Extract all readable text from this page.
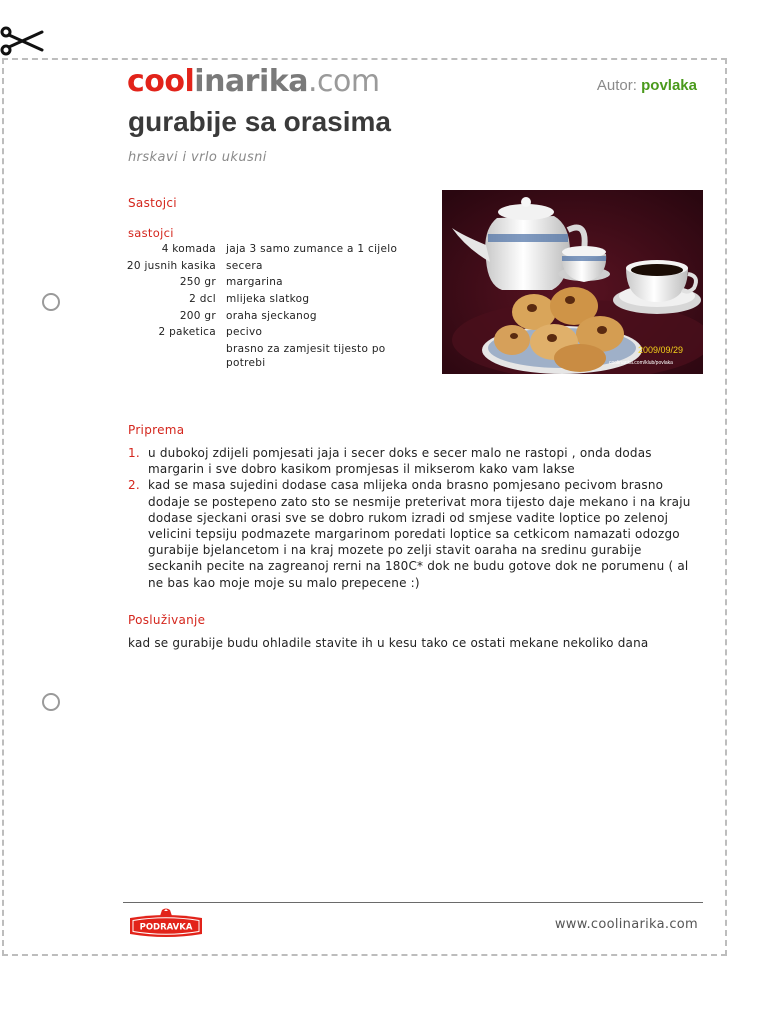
coolinarika.com	Autor: povlaka
gurabije sa orasima
hrskavi i vrlo ukusni
Sastojci
sastojci
4 komada	jaja 3 samo zumance a 1 cijelo
20 jusnih kasika	secera
250 gr	margarina
2 dcl	mlijeka slatkog
200 gr	oraha sjeckanog
2 paketica	pecivo
	brasno za zamjesit tijesto po potrebi
2009/09/29
coolinarika.com/klub/povlaka
Priprema
1. u dubokoj zdijeli pomjesati jaja i secer doks e secer malo ne rastopi , onda dodas margarin i sve dobro kasikom promjesas il mikserom kako vam lakse
2. kad se masa sujedini dodase casa mlijeka onda brasno pomjesano pecivom brasno dodaje se postepeno zato sto se nesmije preterivat mora tijesto daje mekano i na kraju dodase sjeckani orasi sve se dobro rukom izradi od smjese vadite loptice po zelenoj velicini tepsiju podmazete margarinom poredati loptice sa cetkicom namazati odozgo gurabije bjelancetom i na kraj mozete po zelji stavit oaraha na sredinu gurabije seckanih pecite na zagreanoj rerni na 180C* dok ne budu gotove dok ne porumenu ( al ne bas kao moje moje su malo prepecene :)
Posluživanje
kad se gurabije budu ohladile stavite ih u kesu tako ce ostati mekane nekoliko dana
PODRAVKA	www.coolinarika.com
